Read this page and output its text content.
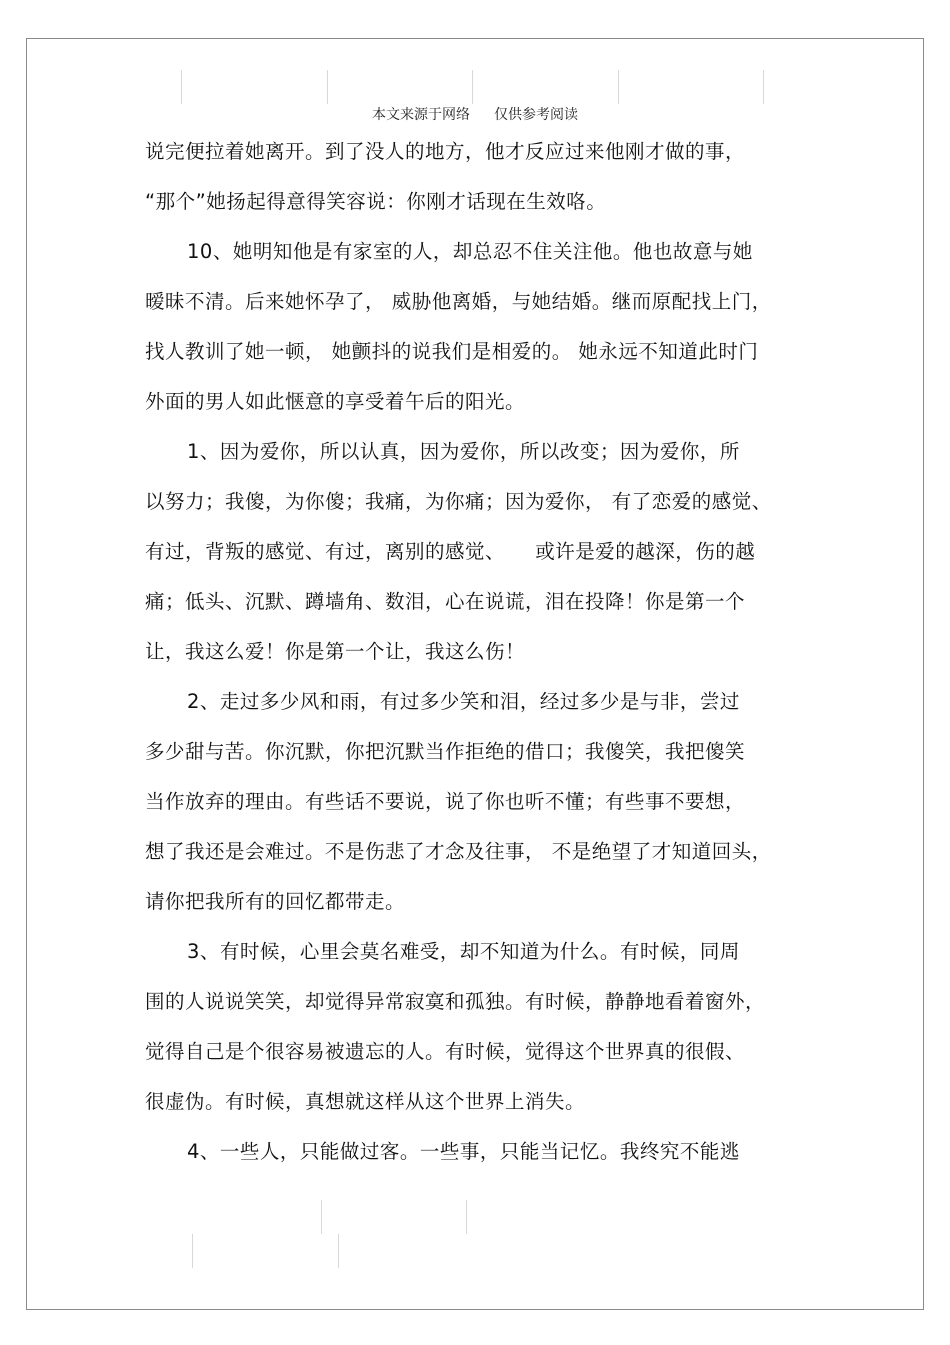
本文来源于网络 仅供参考阅读
说完便拉着她离开。到了没人的地方，他才反应过来他刚才做的事，
“那个”她扬起得意得笑容说：你刚才话现在生效咯。
10、她明知他是有家室的人，却总忍不住关注他。他也故意与她
暧昧不清。后来她怀孕了， 威胁他离婚，与她结婚。继而原配找上门，
找人教训了她一顿， 她颤抖的说我们是相爱的。 她永远不知道此时门
外面的男人如此惬意的享受着午后的阳光。
1、因为爱你，所以认真，因为爱你，所以改变；因为爱你，所
以努力；我傻，为你傻；我痛，为你痛；因为爱你， 有了恋爱的感觉、
有过，背叛的感觉、有过，离别的感觉、　　或许是爱的越深，伤的越
痛；低头、沉默、蹲墙角、数泪，心在说谎，泪在投降！你是第一个
让，我这么爱！你是第一个让，我这么伤！
2、走过多少风和雨，有过多少笑和泪，经过多少是与非，尝过
多少甜与苦。你沉默，你把沉默当作拒绝的借口；我傻笑，我把傻笑
当作放弃的理由。有些话不要说，说了你也听不懂；有些事不要想，
想了我还是会难过。不是伤悲了才念及往事， 不是绝望了才知道回头，
请你把我所有的回忆都带走。
3、有时候，心里会莫名难受，却不知道为什么。有时候，同周
围的人说说笑笑，却觉得异常寂寞和孤独。有时候，静静地看着窗外，
觉得自己是个很容易被遗忘的人。有时候，觉得这个世界真的很假、
很虚伪。有时候，真想就这样从这个世界上消失。
4、一些人，只能做过客。一些事，只能当记忆。我终究不能逃
